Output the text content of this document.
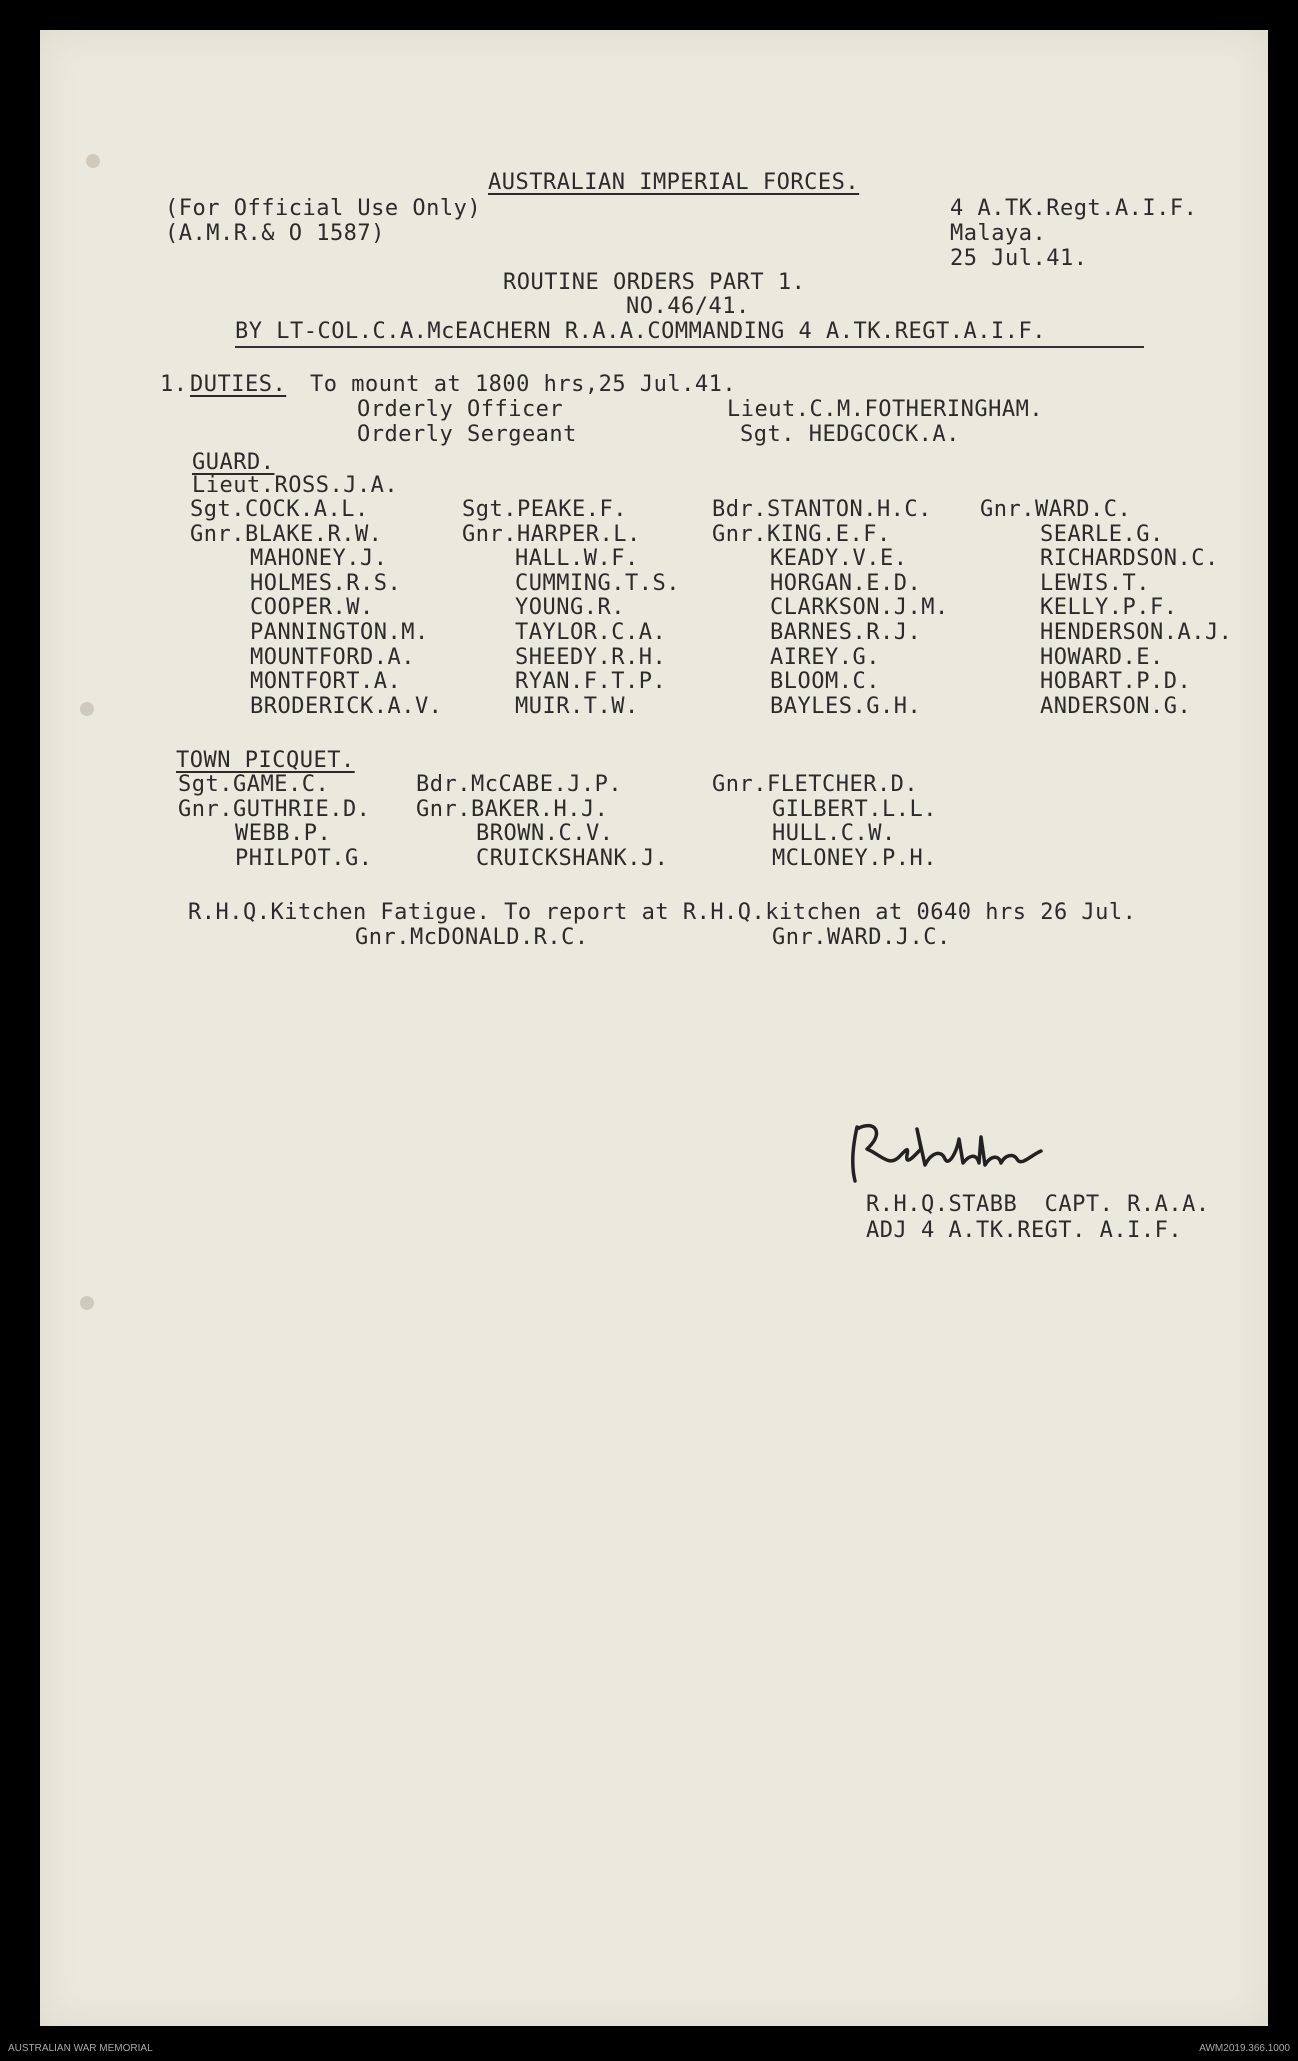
AUSTRALIAN IMPERIAL FORCES.
(For Official Use Only)
(A.M.R.& O 1587)
4 A.TK.Regt.A.I.F.
Malaya.
25 Jul.41.
ROUTINE ORDERS PART 1.
NO.46/41.
BY LT-COL.C.A.McEACHERN R.A.A.COMMANDING 4 A.TK.REGT.A.I.F.
1. DUTIES. To mount at 1800 hrs,25 Jul.41.
Orderly Officer	Lieut.C.M.FOTHERINGHAM.
Orderly Sergeant	Sgt. HEDGCOCK.A.
GUARD.
Lieut.ROSS.J.A.
Sgt.COCK.A.L.	Sgt.PEAKE.F.	Bdr.STANTON.H.C. Gnr.WARD.C.
Gnr.BLAKE.R.W.	Gnr.HARPER.L.	Gnr.KING.E.F.	SEARLE.G.
MAHONEY.J.	HALL.W.F.	KEADY.V.E.	RICHARDSON.C.
HOLMES.R.S.	CUMMING.T.S.	HORGAN.E.D.	LEWIS.T.
COOPER.W.	YOUNG.R.	CLARKSON.J.M.	KELLY.P.F.
PANNINGTON.M.	TAYLOR.C.A.	BARNES.R.J.	HENDERSON.A.J.
MOUNTFORD.A.	SHEEDY.R.H.	AIREY.G.	HOWARD.E.
MONTFORT.A.	RYAN.F.T.P.	BLOOM.C.	HOBART.P.D.
BRODERICK.A.V.	MUIR.T.W.	BAYLES.G.H.	ANDERSON.G.
TOWN PICQUET.
Sgt.GAME.C.	Bdr.McCABE.J.P.	Gnr.FLETCHER.D.
Gnr.GUTHRIE.D. Gnr.BAKER.H.J.	GILBERT.L.L.
WEBB.P.	BROWN.C.V.	HULL.C.W.
PHILPOT.G.	CRUICKSHANK.J.	MCLONEY.P.H.
R.H.Q.Kitchen Fatigue. To report at R.H.Q.kitchen at 0640 hrs 26 Jul.
Gnr.McDONALD.R.C.	Gnr.WARD.J.C.
R.H.Q.STABB  CAPT. R.A.A.
ADJ 4 A.TK.REGT. A.I.F.
AUSTRALIAN WAR MEMORIAL	AWM2019.366.1000
